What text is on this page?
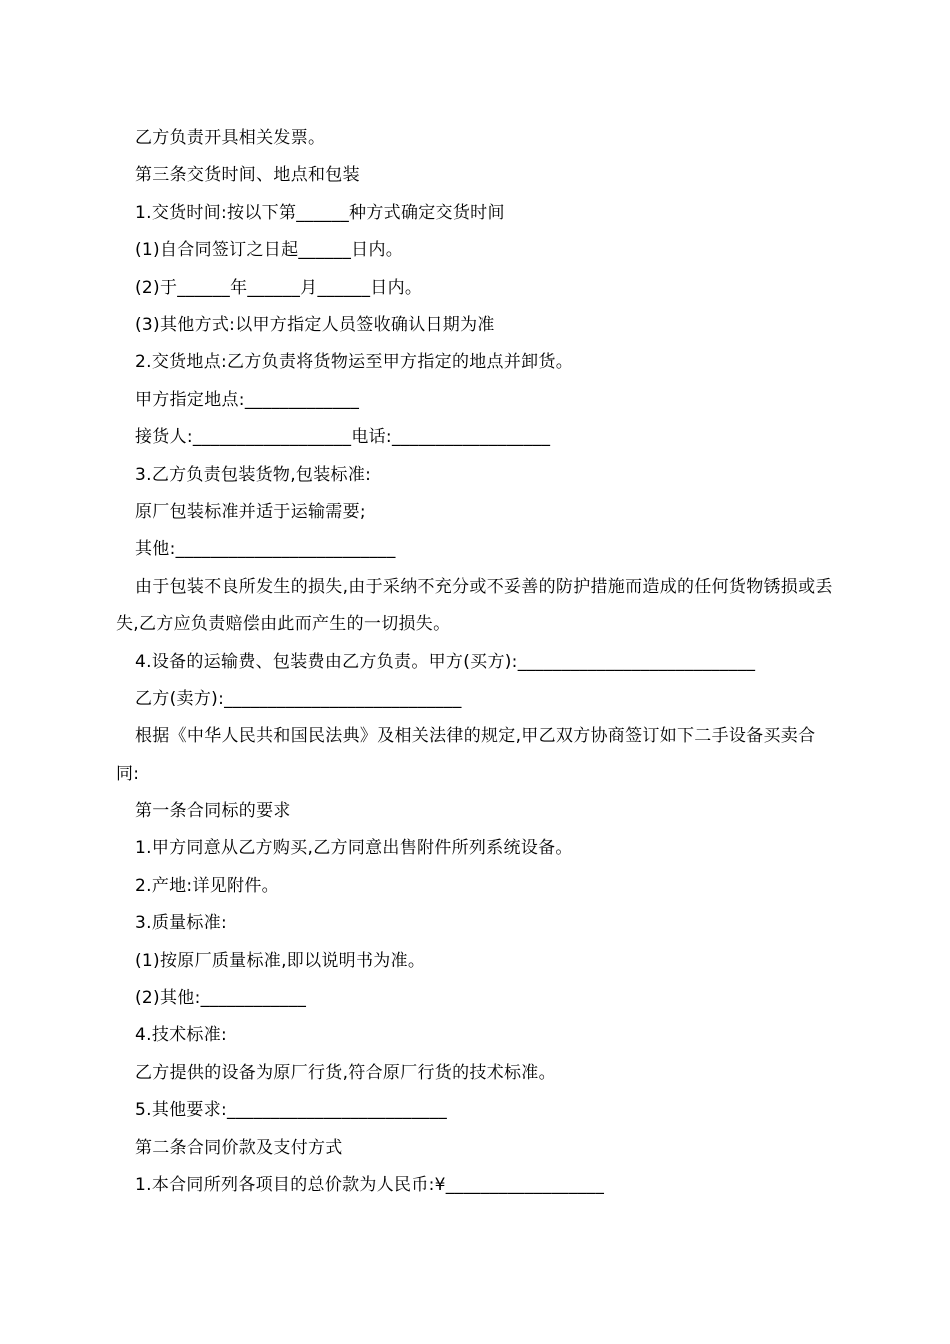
乙方负责开具相关发票。
第三条交货时间、地点和包装
1.交货时间:按以下第______种方式确定交货时间
(1)自合同签订之日起______日内。
(2)于______年______月______日内。
(3)其他方式:以甲方指定人员签收确认日期为准
2.交货地点:乙方负责将货物运至甲方指定的地点并卸货。
甲方指定地点:_____________
接货人:__________________电话:__________________
3.乙方负责包装货物,包装标准:
原厂包装标准并适于运输需要;
其他:_________________________
由于包装不良所发生的损失,由于采纳不充分或不妥善的防护措施而造成的任何货物锈损或丢失,乙方应负责赔偿由此而产生的一切损失。
4.设备的运输费、包装费由乙方负责。甲方(买方):___________________________
乙方(卖方):___________________________
根据《中华人民共和国民法典》及相关法律的规定,甲乙双方协商签订如下二手设备买卖合同:
第一条合同标的要求
1.甲方同意从乙方购买,乙方同意出售附件所列系统设备。
2.产地:详见附件。
3.质量标准:
(1)按原厂质量标准,即以说明书为准。
(2)其他:____________
4.技术标准:
乙方提供的设备为原厂行货,符合原厂行货的技术标准。
5.其他要求:_________________________
第二条合同价款及支付方式
1.本合同所列各项目的总价款为人民币:¥__________________
